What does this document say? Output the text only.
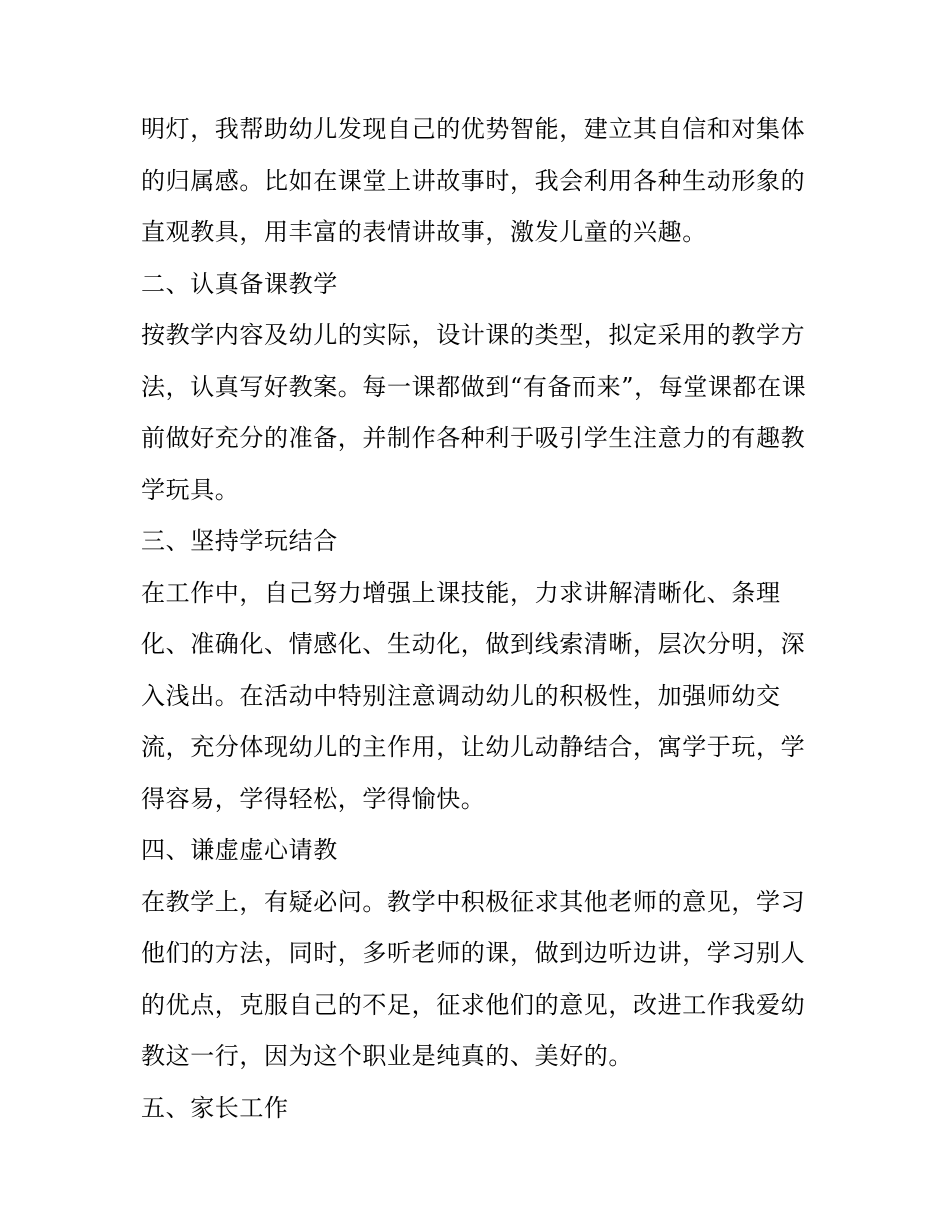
明灯，我帮助幼儿发现自己的优势智能，建立其自信和对集体
的归属感。比如在课堂上讲故事时，我会利用各种生动形象的
直观教具，用丰富的表情讲故事，激发儿童的兴趣。
二、认真备课教学
按教学内容及幼儿的实际，设计课的类型，拟定采用的教学方
法，认真写好教案。每一课都做到“有备而来”，每堂课都在课
前做好充分的准备，并制作各种利于吸引学生注意力的有趣教
学玩具。
三、坚持学玩结合
在工作中，自己努力增强上课技能，力求讲解清晰化、条理
化、准确化、情感化、生动化，做到线索清晰，层次分明，深
入浅出。在活动中特别注意调动幼儿的积极性，加强师幼交
流，充分体现幼儿的主作用，让幼儿动静结合，寓学于玩，学
得容易，学得轻松，学得愉快。
四、谦虚虚心请教
在教学上，有疑必问。教学中积极征求其他老师的意见，学习
他们的方法，同时，多听老师的课，做到边听边讲，学习别人
的优点，克服自己的不足，征求他们的意见，改进工作我爱幼
教这一行，因为这个职业是纯真的、美好的。
五、家长工作
